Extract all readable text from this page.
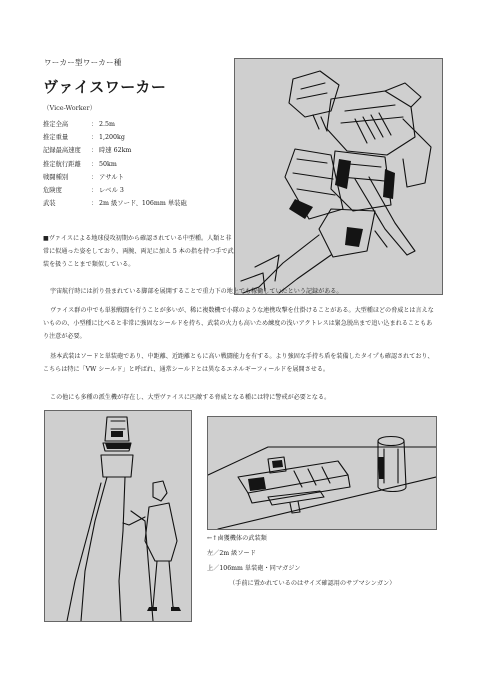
ワーカー型ワーカー種
ヴァイスワーカー
（Vice-Worker）
推定全高	： 2.5m
推定重量	： 1,200kg
記録最高速度	： 時速 62km
推定航行距離	： 50km
戦闘種別	： アサルト
危険度	： レベル 3
武装	： 2m 級ソード、106mm 単装砲
■ヴァイスによる地球侵攻初期から確認されている中型種。人類と非常に似通った姿をしており、両腕、両足に加え 5 本の指を持つ手で武装を扱うことまで類似している。
宇宙航行時には折り畳まれている脚部を展開することで重力下の地上でも稼働していたという記録がある。
ヴァイス群の中でも単独戦闘を行うことが多いが、稀に複数機で小隊のような連携攻撃を仕掛けることがある。大型種ほどの脅威とは言えないものの、小型種に比べると非常に強固なシールドを持ち、武装の火力も高いため練度の浅いアクトレスは緊急脱出まで追い込まれることもあり注意が必要。
基本武装はソードと単装砲であり、中距離、近距離ともに高い戦闘能力を有する。より強固な手持ち盾を装備したタイプも確認されており、こちらは特に「VW シールド」と呼ばれ、通常シールドとは異なるエネルギーフィールドを展開させる。
この他にも多種の派生機が存在し、大型ヴァイスに匹敵する脅威となる種には特に警戒が必要となる。
←↑鹵獲機体の武装類
左／2m 級ソード
上／106mm 単装砲・同マガジン
（手前に置かれているのはサイズ確認用のサブマシンガン）
